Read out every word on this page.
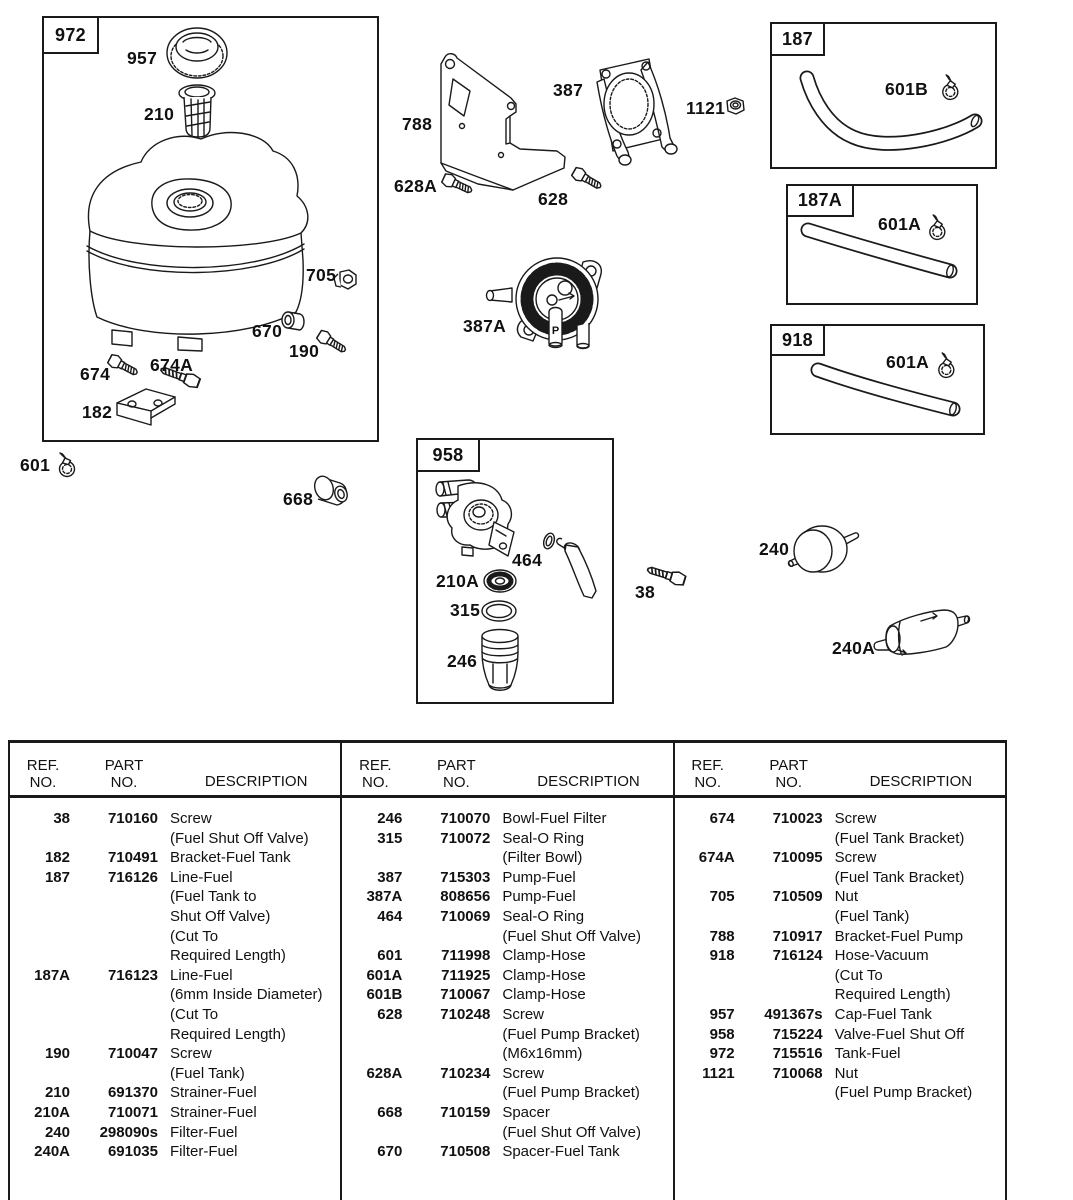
P
972	187
187A
918
958
957
210
705
670
190
674 674A
182
601
668
788
628A
628
387
1121
601B
601A
601A
387A
464
210A
315
246
38
240
240A
REF.
NO.
PART
NO.	DESCRIPTION
38	710160 Screw
(Fuel Shut Off Valve)
182	710491 Bracket-Fuel Tank
187	716126 Line-Fuel
(Fuel Tank to
Shut Off Valve)
(Cut To
Required Length)
187A	716123 Line-Fuel
(6mm Inside Diameter)
(Cut To
Required Length)
190	710047 Screw
(Fuel Tank)
210	691370 Strainer-Fuel
210A	710071 Strainer-Fuel
240	298090s Filter-Fuel
240A	691035 Filter-Fuel
REF.
NO.
PART
NO.	DESCRIPTION
246	710070 Bowl-Fuel Filter
315	710072 Seal-O Ring
(Filter Bowl)
387	715303 Pump-Fuel
387A	808656 Pump-Fuel
464	710069 Seal-O Ring
(Fuel Shut Off Valve)
601	711998 Clamp-Hose
601A	711925 Clamp-Hose
601B	710067 Clamp-Hose
628	710248 Screw
(Fuel Pump Bracket)
(M6x16mm)
628A	710234 Screw
(Fuel Pump Bracket)
668	710159 Spacer
(Fuel Shut Off Valve)
670	710508 Spacer-Fuel Tank
REF.
NO.
PART
NO.	DESCRIPTION
674	710023 Screw
(Fuel Tank Bracket)
674A	710095 Screw
(Fuel Tank Bracket)
705	710509 Nut
(Fuel Tank)
788	710917 Bracket-Fuel Pump
918	716124 Hose-Vacuum
(Cut To
Required Length)
957	491367s Cap-Fuel Tank
958	715224 Valve-Fuel Shut Off
972	715516 Tank-Fuel
1121	710068 Nut
(Fuel Pump Bracket)
